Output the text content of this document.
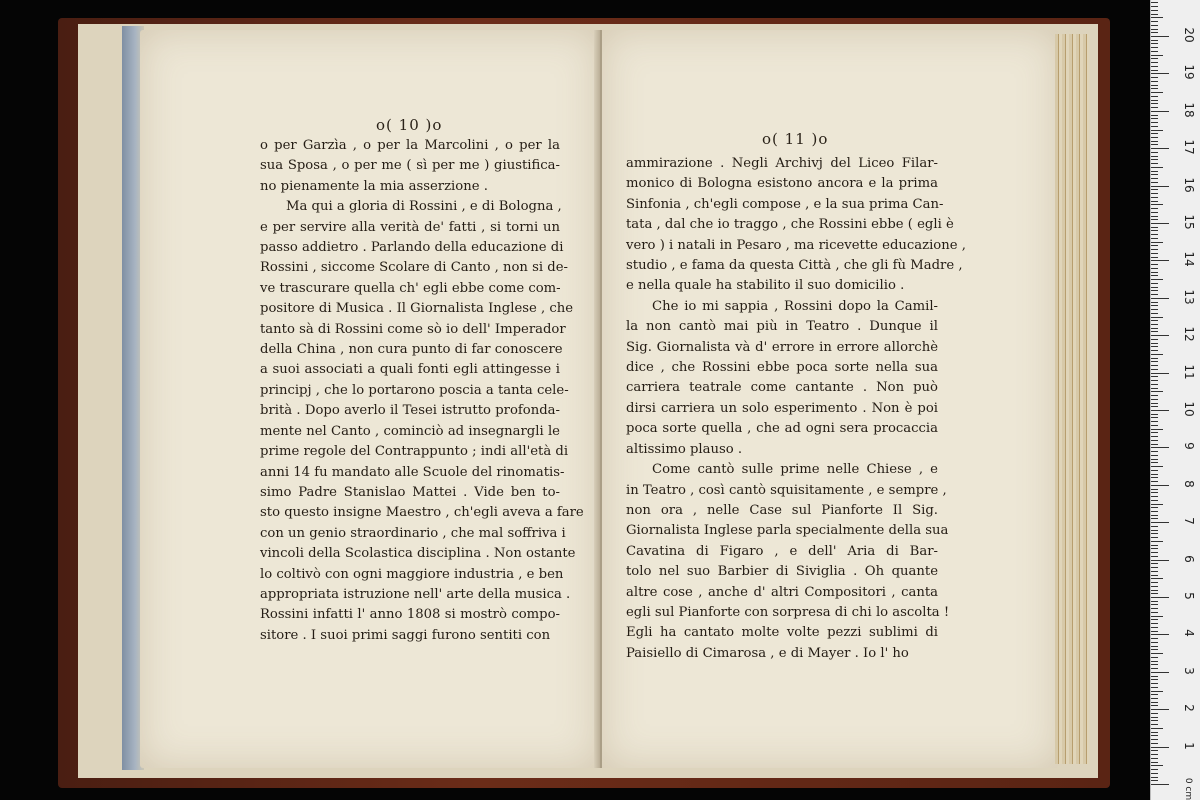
o( 10 )o
o per Garzìa , o per la Marcolini , o per la
sua Sposa , o per me ( sì per me ) giustifica-
no pienamente la mia asserzione .
Ma qui a gloria di Rossini , e di Bologna ,
e per servire alla verità de' fatti , si torni un
passo addietro . Parlando della educazione di
Rossini , siccome Scolare di Canto , non si de-
ve trascurare quella ch' egli ebbe come com-
positore di Musica . Il Giornalista Inglese , che
tanto sà di Rossini come sò io dell' Imperador
della China , non cura punto di far conoscere
a suoi associati a quali fonti egli attingesse i
principj , che lo portarono poscia a tanta cele-
brità . Dopo averlo il Tesei istrutto profonda-
mente nel Canto , cominciò ad insegnargli le
prime regole del Contrappunto ; indi all'età di
anni 14 fu mandato alle Scuole del rinomatis-
simo Padre Stanislao Mattei . Vide ben to-
sto questo insigne Maestro , ch'egli aveva a fare
con un genio straordinario , che mal soffriva i
vincoli della Scolastica disciplina . Non ostante
lo coltivò con ogni maggiore industria , e ben
appropriata istruzione nell' arte della musica .
Rossini infatti l' anno 1808 si mostrò compo-
sitore . I suoi primi saggi furono sentiti con
o( 11 )o
ammirazione . Negli Archivj del Liceo Filar-
monico di Bologna esistono ancora e la prima
Sinfonia , ch'egli compose , e la sua prima Can-
tata , dal che io traggo , che Rossini ebbe ( egli è
vero ) i natali in Pesaro , ma ricevette educazione ,
studio , e fama da questa Città , che gli fù Madre ,
e nella quale ha stabilito il suo domicilio .
Che io mi sappia , Rossini dopo la Camil-
la non cantò mai più in Teatro . Dunque il
Sig. Giornalista và d' errore in errore allorchè
dice , che Rossini ebbe poca sorte nella sua
carriera teatrale come cantante . Non può
dirsi carriera un solo esperimento . Non è poi
poca sorte quella , che ad ogni sera procaccia
altissimo plauso .
Come cantò sulle prime nelle Chiese , e
in Teatro , così cantò squisitamente , e sempre ,
non ora , nelle Case sul Pianforte Il Sig.
Giornalista Inglese parla specialmente della sua
Cavatina di Figaro , e dell' Aria di Bar-
tolo nel suo Barbier di Siviglia . Oh quante
altre cose , anche d' altri Compositori , canta
egli sul Pianforte con sorpresa di chi lo ascolta !
Egli ha cantato molte volte pezzi sublimi di
Paisiello di Cimarosa , e di Mayer . Io l' ho
0 cm
1
2
3
4
5
6
7
8
9
10
11
12
13
14
15
16
17
18
19
20
